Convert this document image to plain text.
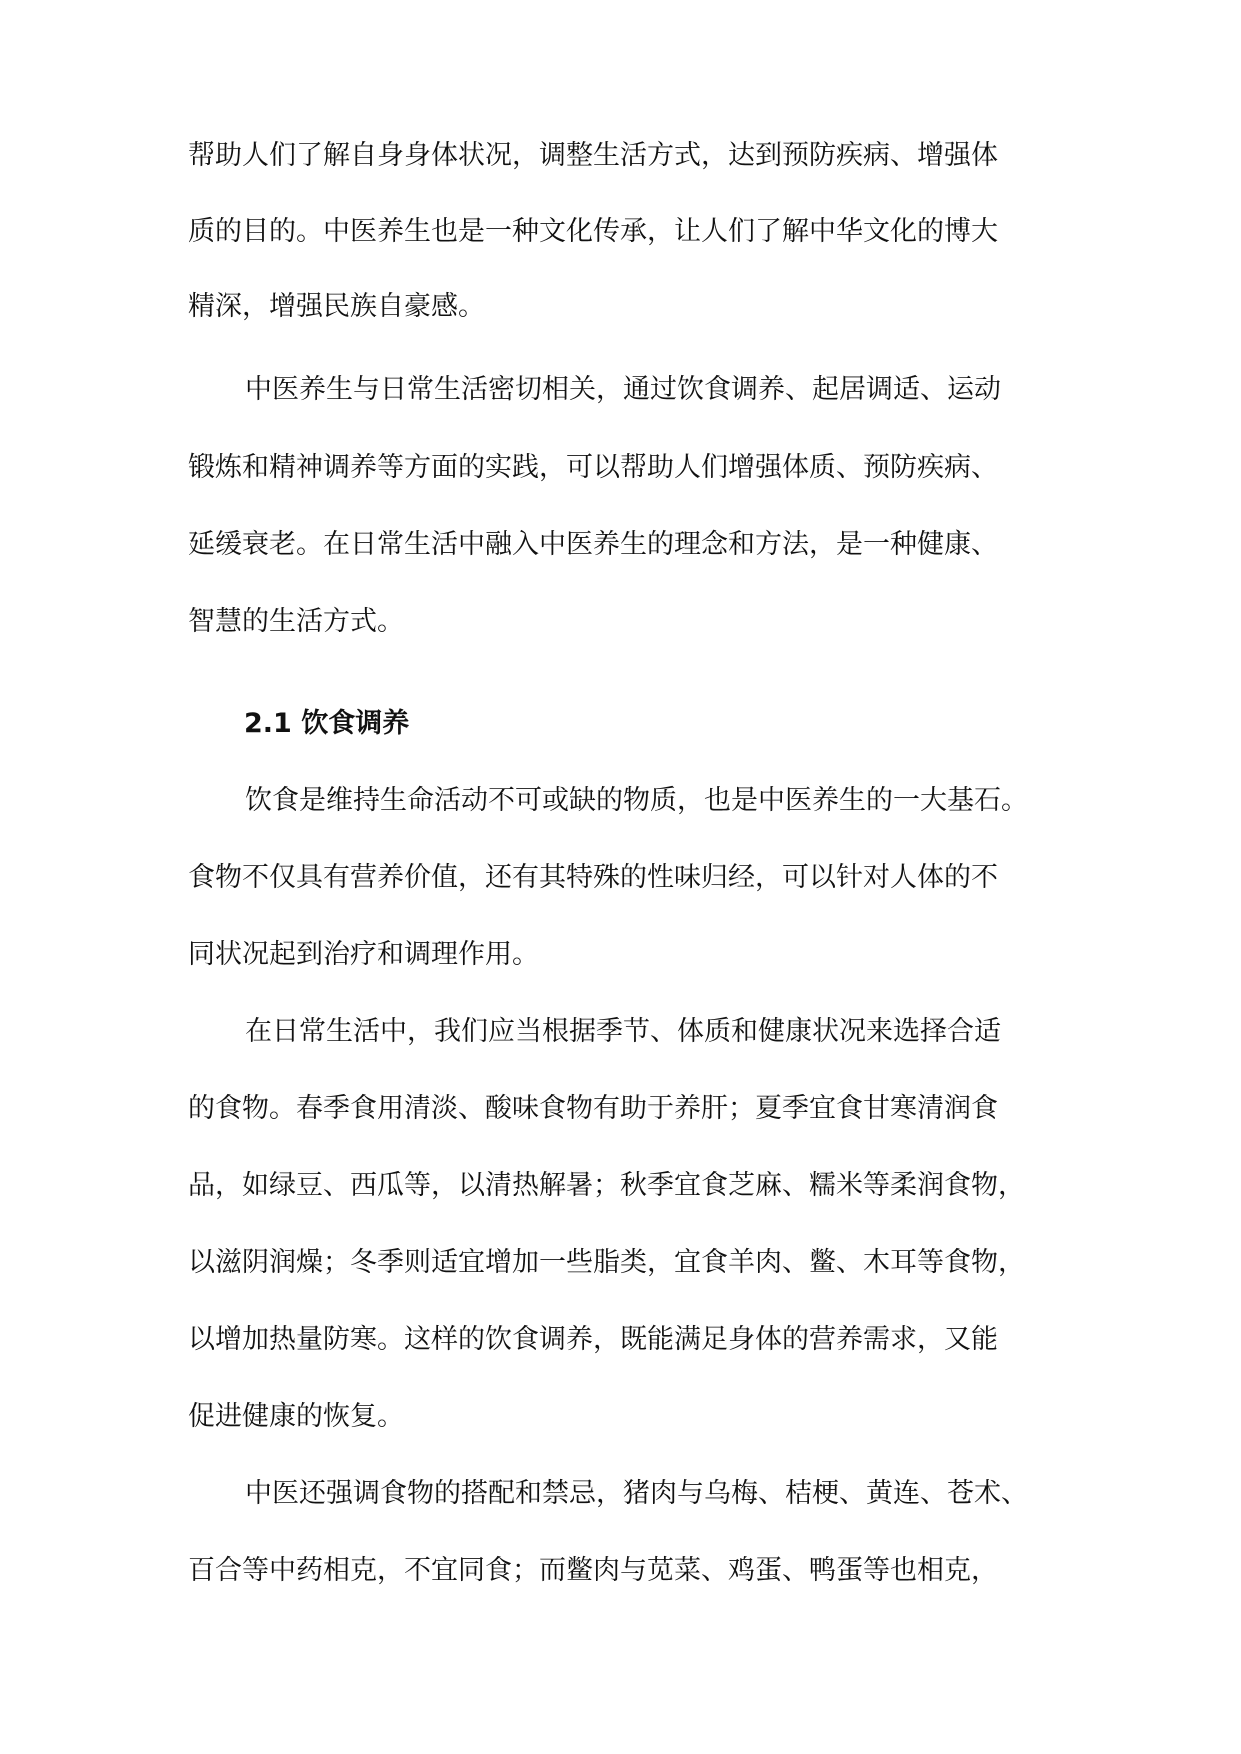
帮助人们了解自身身体状况，调整生活方式，达到预防疾病、增强体
质的目的。中医养生也是一种文化传承，让人们了解中华文化的博大
精深，增强民族自豪感。
中医养生与日常生活密切相关，通过饮食调养、起居调适、运动
锻炼和精神调养等方面的实践，可以帮助人们增强体质、预防疾病、
延缓衰老。在日常生活中融入中医养生的理念和方法，是一种健康、
智慧的生活方式。
2.1 饮食调养
饮食是维持生命活动不可或缺的物质，也是中医养生的一大基石。
食物不仅具有营养价值，还有其特殊的性味归经，可以针对人体的不
同状况起到治疗和调理作用。
在日常生活中，我们应当根据季节、体质和健康状况来选择合适
的食物。春季食用清淡、酸味食物有助于养肝；夏季宜食甘寒清润食
品，如绿豆、西瓜等，以清热解暑；秋季宜食芝麻、糯米等柔润食物，
以滋阴润燥；冬季则适宜增加一些脂类，宜食羊肉、鳖、木耳等食物，
以增加热量防寒。这样的饮食调养，既能满足身体的营养需求，又能
促进健康的恢复。
中医还强调食物的搭配和禁忌，猪肉与乌梅、桔梗、黄连、苍术、
百合等中药相克，不宜同食；而鳖肉与苋菜、鸡蛋、鸭蛋等也相克，
